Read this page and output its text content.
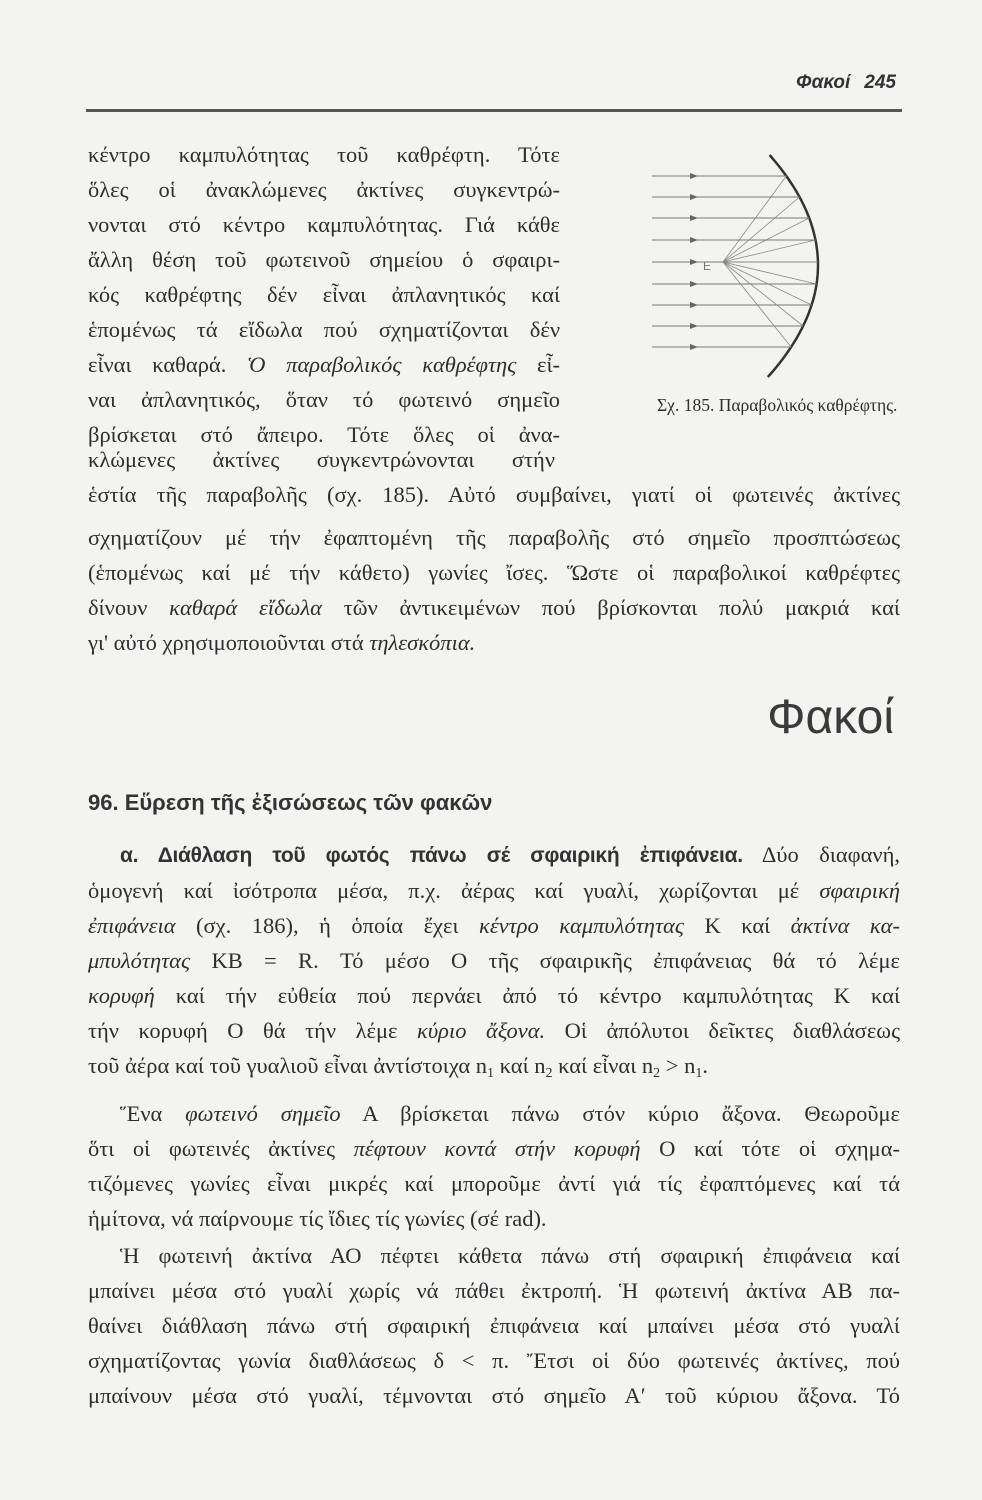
Φακοί 245
Ε
Σχ. 185. Παραβολικός καθρέφτης.
Φακοί
96. Εὕρεση τῆς ἐξισώσεως τῶν φακῶν
κέντρο καμπυλότητας τοῦ καθρέφτη. Τότε
ὅλες οἱ ἀνακλώμενες ἀκτίνες συγκεντρώ-
νονται στό κέντρο καμπυλότητας. Γιά κάθε
ἄλλη θέση τοῦ φωτεινοῦ σημείου ὁ σφαιρι-
κός καθρέφτης δέν εἶναι ἀπλανητικός καί
ἑπομένως τά εἴδωλα πού σχηματίζονται δέν
εἶναι καθαρά. Ὁ παραβολικός καθρέφτης εἶ-
ναι ἀπλανητικός, ὅταν τό φωτεινό σημεῖο
βρίσκεται στό ἄπειρο. Τότε ὅλες οἱ ἀνα-
κλώμενες ἀκτίνες συγκεντρώνονται στήν
ἑστία τῆς παραβολῆς (σχ. 185). Αὐτό συμβαίνει, γιατί οἱ φωτεινές ἀκτίνες
σχηματίζουν μέ τήν ἐφαπτομένη τῆς παραβολῆς στό σημεῖο προσπτώσεως
(ἑπομένως καί μέ τήν κάθετο) γωνίες ἴσες. Ὥστε οἱ παραβολικοί καθρέφτες
δίνουν καθαρά εἴδωλα τῶν ἀντικειμένων πού βρίσκονται πολύ μακριά καί
γι' αὐτό χρησιμοποιοῦνται στά τηλεσκόπια.
α. Διάθλαση τοῦ φωτός πάνω σέ σφαιρική ἐπιφάνεια. Δύο διαφανή,
ὁμογενή καί ἰσότροπα μέσα, π.χ. ἀέρας καί γυαλί, χωρίζονται μέ σφαιρική
ἐπιφάνεια (σχ. 186), ἡ ὁποία ἔχει κέντρο καμπυλότητας Κ καί ἀκτίνα κα-
μπυλότητας ΚΒ = R. Τό μέσο Ο τῆς σφαιρικῆς ἐπιφάνειας θά τό λέμε
κορυφή καί τήν εὐθεία πού περνάει ἀπό τό κέντρο καμπυλότητας Κ καί
τήν κορυφή Ο θά τήν λέμε κύριο ἄξονα. Οἱ ἀπόλυτοι δεῖκτες διαθλάσεως
τοῦ ἀέρα καί τοῦ γυαλιοῦ εἶναι ἀντίστοιχα $n_1$ καί $n_2$ καί εἶναι $n_2 > n_1$.
Ἕνα φωτεινό σημεῖο Α βρίσκεται πάνω στόν κύριο ἄξονα. Θεωροῦμε
ὅτι οἱ φωτεινές ἀκτίνες πέφτουν κοντά στήν κορυφή Ο καί τότε οἱ σχημα-
τιζόμενες γωνίες εἶναι μικρές καί μποροῦμε ἀντί γιά τίς ἐφαπτόμενες καί τά
ἡμίτονα, νά παίρνουμε τίς ἴδιες τίς γωνίες (σέ rad).
Ἡ φωτεινή ἀκτίνα ΑΟ πέφτει κάθετα πάνω στή σφαιρική ἐπιφάνεια καί
μπαίνει μέσα στό γυαλί χωρίς νά πάθει ἐκτροπή. Ἡ φωτεινή ἀκτίνα ΑΒ πα-
θαίνει διάθλαση πάνω στή σφαιρική ἐπιφάνεια καί μπαίνει μέσα στό γυαλί
σχηματίζοντας γωνία διαθλάσεως δ < π. Ἔτσι οἱ δύο φωτεινές ἀκτίνες, πού
μπαίνουν μέσα στό γυαλί, τέμνονται στό σημεῖο Α′ τοῦ κύριου ἄξονα. Τό
